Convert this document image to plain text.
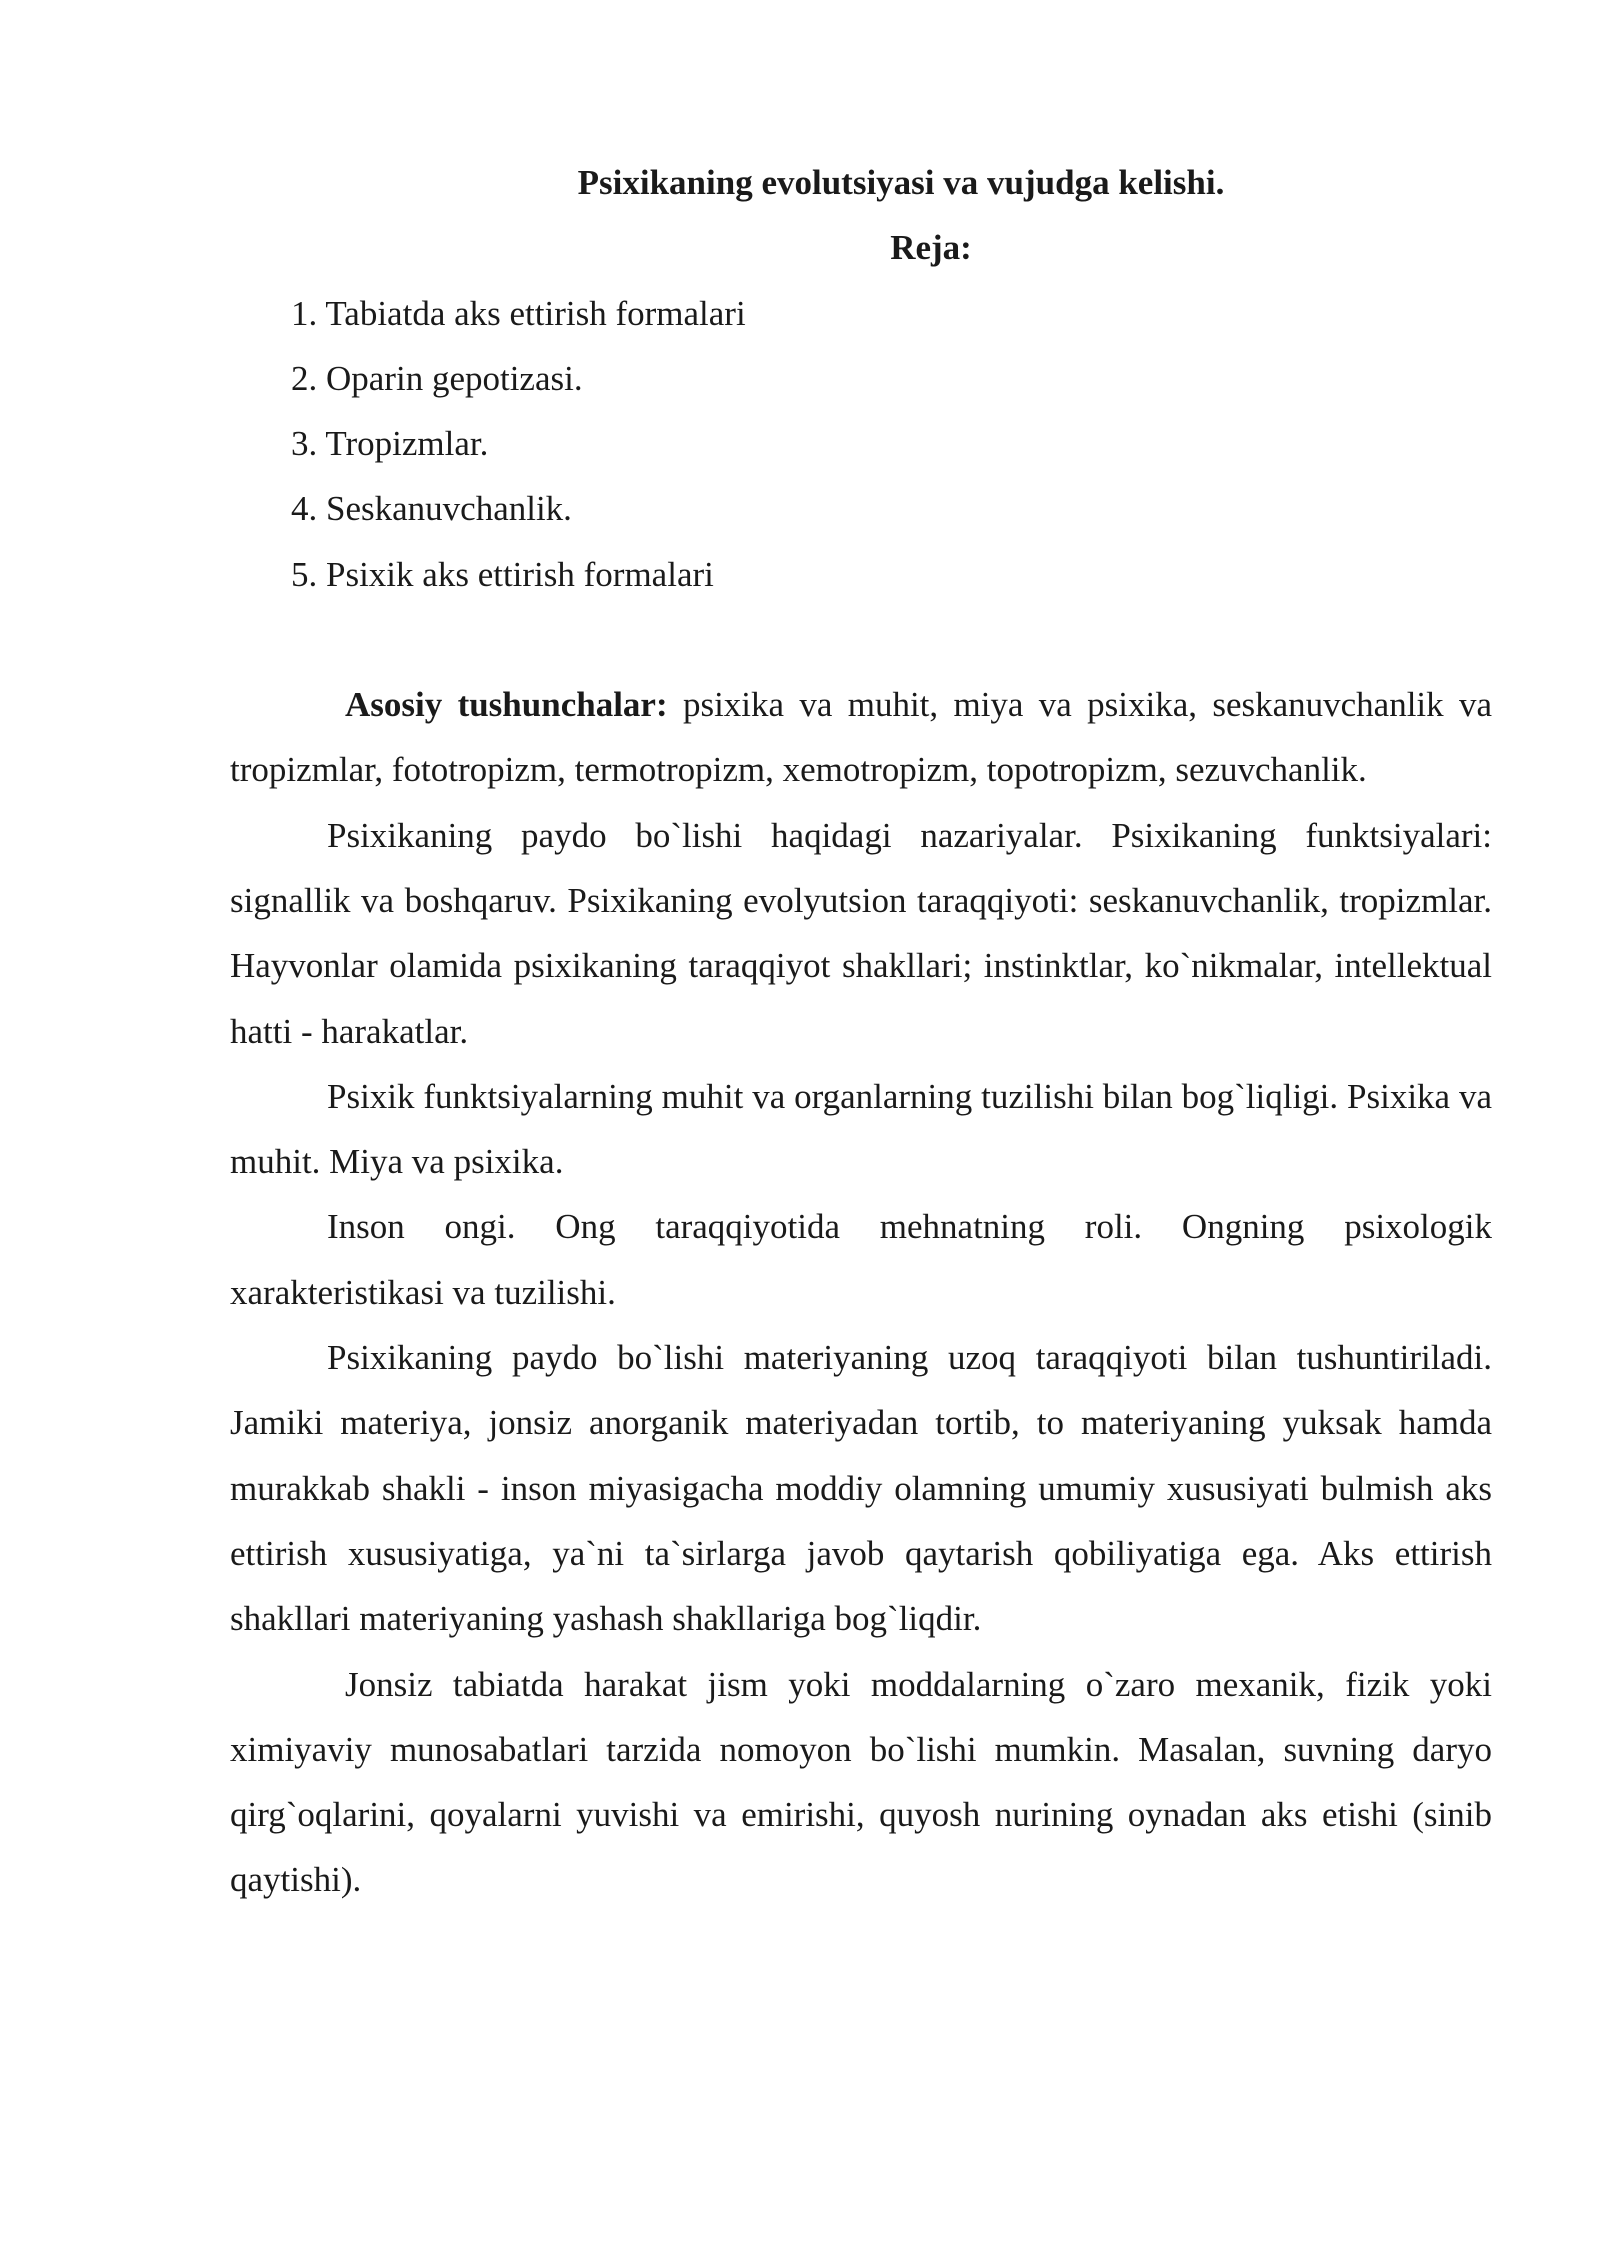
Psixikaning evolutsiyasi va vujudga kelishi.

Reja:

1. Tabiatda aks ettirish formalari
2. Oparin gepotizasi.
3. Tropizmlar.
4. Seskanuvchanlik.
5. Psixik aks ettirish formalari

Asosiy tushunchalar: psixika va muhit, miya va psixika, seskanuvchanlik va tropizmlar, fototropizm, termotropizm, xemotropizm, topotropizm, sezuvchanlik.

Psixikaning paydo bo`lishi haqidagi nazariyalar. Psixikaning funktsiyalari: signallik va boshqaruv. Psixikaning evolyutsion taraqqiyoti: seskanuvchanlik, tropizmlar. Hayvonlar olamida psixikaning taraqqiyot shakllari; instinktlar, ko`nikmalar, intellektual hatti - harakatlar.

Psixik funktsiyalarning muhit va organlarning tuzilishi bilan bog`liqligi. Psixika va muhit. Miya va psixika.

Inson ongi. Ong taraqqiyotida mehnatning roli. Ongning psixologik xarakteristikasi va tuzilishi.

Psixikaning paydo bo`lishi materiyaning uzoq taraqqiyoti bilan tushuntiriladi. Jamiki materiya, jonsiz anorganik materiyadan tortib, to materiyaning yuksak hamda murakkab shakli - inson miyasigacha moddiy olamning umumiy xususiyati bulmish aks ettirish xususiyatiga, ya`ni ta`sirlarga javob qaytarish qobiliyatiga ega. Aks ettirish shakllari materiyaning yashash shakllariga bog`liqdir.

Jonsiz tabiatda harakat jism yoki moddalarning o`zaro mexanik, fizik yoki ximiyaviy munosabatlari tarzida nomoyon bo`lishi mumkin. Masalan, suvning daryo qirg`oqlarini, qoyalarni yuvishi va emirishi, quyosh nurining oynadan aks etishi (sinib qaytishi).
